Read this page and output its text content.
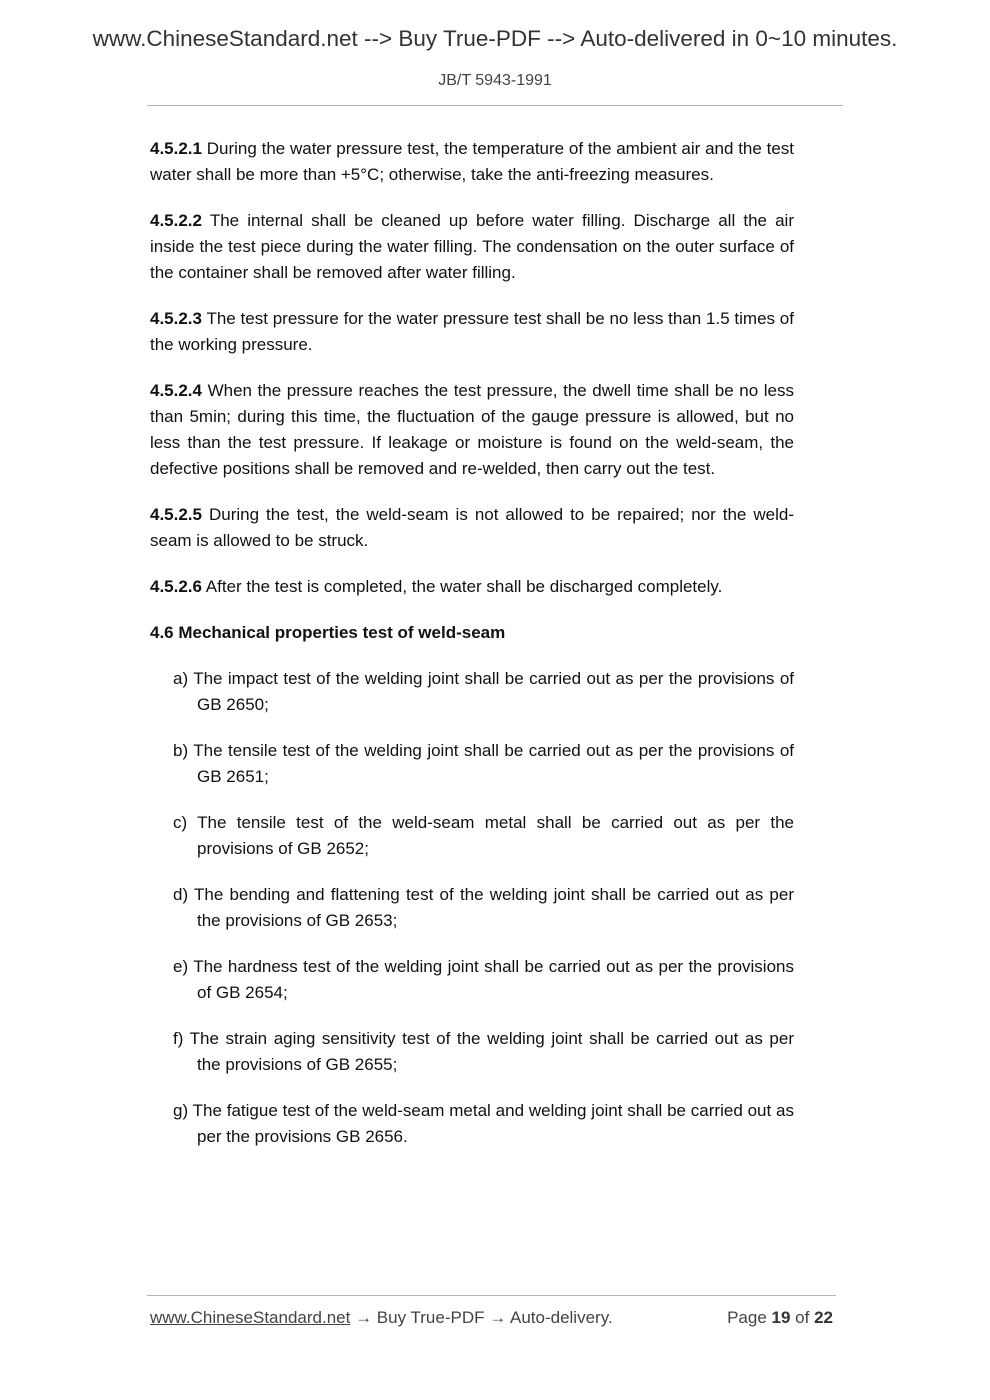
www.ChineseStandard.net --> Buy True-PDF --> Auto-delivered in 0~10 minutes.
JB/T 5943-1991

4.5.2.1 During the water pressure test, the temperature of the ambient air and the test water shall be more than +5°C; otherwise, take the anti-freezing measures.

4.5.2.2 The internal shall be cleaned up before water filling. Discharge all the air inside the test piece during the water filling. The condensation on the outer surface of the container shall be removed after water filling.

4.5.2.3 The test pressure for the water pressure test shall be no less than 1.5 times of the working pressure.

4.5.2.4 When the pressure reaches the test pressure, the dwell time shall be no less than 5min; during this time, the fluctuation of the gauge pressure is allowed, but no less than the test pressure. If leakage or moisture is found on the weld-seam, the defective positions shall be removed and re-welded, then carry out the test.

4.5.2.5 During the test, the weld-seam is not allowed to be repaired; nor the weld-seam is allowed to be struck.

4.5.2.6 After the test is completed, the water shall be discharged completely.

4.6 Mechanical properties test of weld-seam
a) The impact test of the welding joint shall be carried out as per the provisions of GB 2650;
b) The tensile test of the welding joint shall be carried out as per the provisions of GB 2651;
c) The tensile test of the weld-seam metal shall be carried out as per the provisions of GB 2652;
d) The bending and flattening test of the welding joint shall be carried out as per the provisions of GB 2653;
e) The hardness test of the welding joint shall be carried out as per the provisions of GB 2654;
f) The strain aging sensitivity test of the welding joint shall be carried out as per the provisions of GB 2655;
g) The fatigue test of the weld-seam metal and welding joint shall be carried out as per the provisions GB 2656.
www.ChineseStandard.net → Buy True-PDF → Auto-delivery.	Page 19 of 22
